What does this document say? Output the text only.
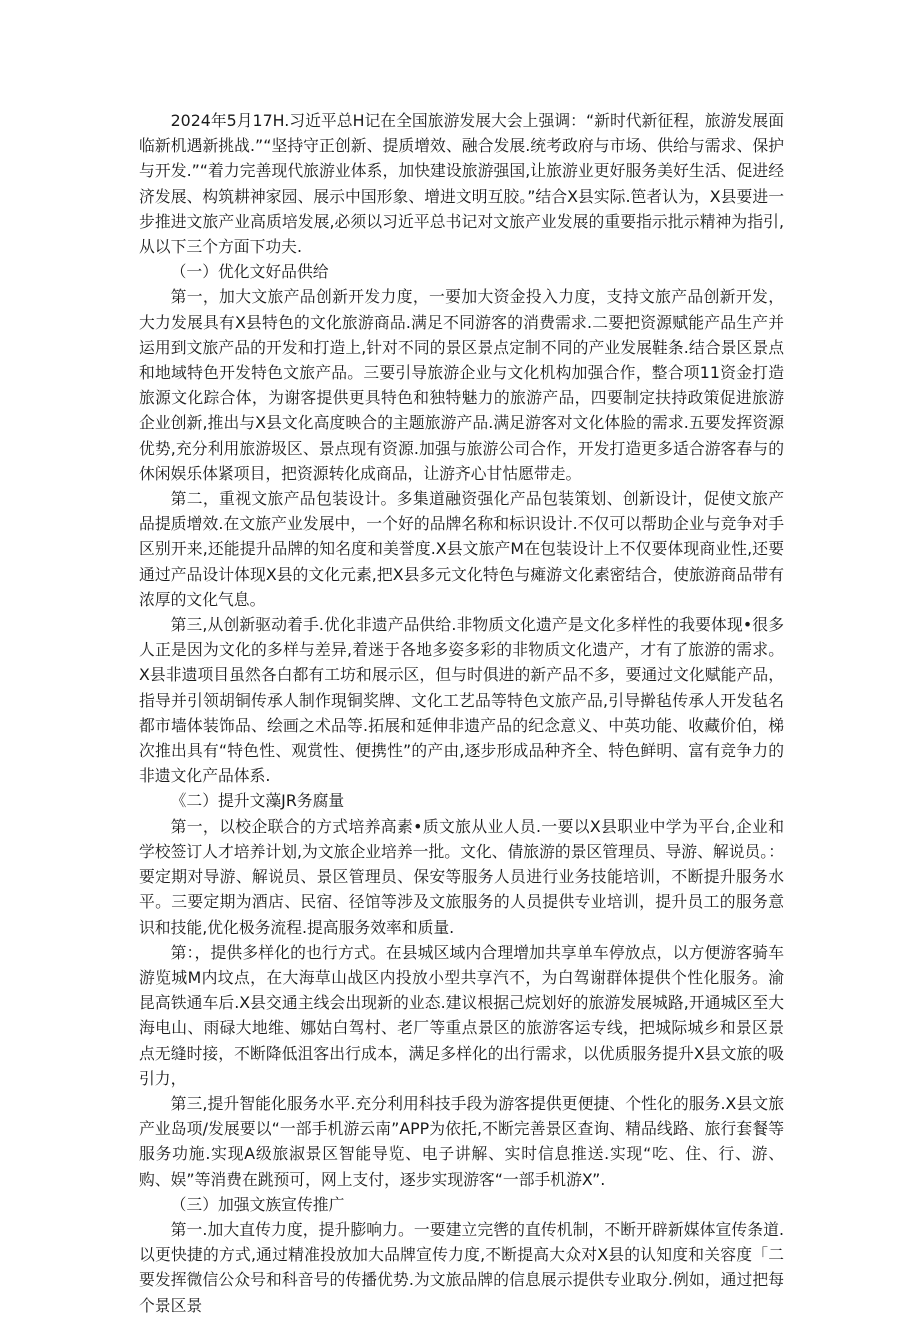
2024年5月17H.习近平总H记在全国旅游发展大会上强调：“新时代新征程，旅游发展面临新机遇新挑战.”“坚持守正创新、提质增效、融合发展.统考政府与市场、供给与需求、保护与开发.”“着力完善现代旅游业体系，加快建设旅游强国,让旅游业更好服务美好生活、促进经济发展、构筑耕神家园、展示中国形象、增进文明互胶。”结合X县实际.笆者认为，X县要进一步推进文旅产业高质培发展,必须以习近平总书记对文旅产业发展的重要指示批示精神为指引,从以下三个方面下功夫.

（一）优化文好品供给

第一，加大文旅产品创新开发力度，一要加大资金投入力度，支持文旅产品创新开发，大力发展具有X县特色的文化旅游商品.满足不同游客的消费需求.二要把资源赋能产品生产并运用到文旅产品的开发和打造上,针对不同的景区景点定制不同的产业发展鞋条.结合景区景点和地域特色开发特色文旅产品。三要引导旅游企业与文化机构加强合作，整合项11资金打造旅源文化踪合体，为谢客提供更具特色和独特魅力的旅游产品，四要制定扶持政策促进旅游企业创新,推出与X县文化高度映合的主题旅游产品.满足游客对文化体脸的需求.五要发挥资源优势,充分利用旅游圾区、景点现有资源.加强与旅游公司合作，开发打造更多适合游客春与的休闲娱乐体紧项目，把资源转化成商品，让游齐心甘怙愿带走。

第二，重视文旅产品包装设计。多集道融资强化产品包装策划、创新设计，促使文旅产品提质增效.在文旅产业发展中，一个好的品牌名称和标识设计.不仅可以帮助企业与竞争对手区别开来,还能提升品牌的知名度和美誉度.X县文旅产M在包装设计上不仅要体现商业性,还要通过产品设计体现X县的文化元素,把X县多元文化特色与瘫游文化素密结合，使旅游商品带有浓厚的文化气息。

第三,从创新驱动着手.优化非遗产品供给.非物质文化遗产是文化多样性的我要体现•很多人正是因为文化的多样与差异,着迷于各地多姿多彩的非物质文化遗产，才有了旅游的需求。X县非遗项目虽然各白都有工坊和展示区，但与时俱进的新产品不多，要通过文化赋能产品，指导并引领胡铜传承人制作現铜奖牌、文化工艺品等特色文旅产品,引导擀毡传承人开发毡名都市墙体装饰品、绘画之术品等.拓展和延伸非遗产品的纪念意义、中英功能、收藏价伯，梯次推出具有“特色性、观赏性、便携性”的产由,逐步形成品种齐全、特色鲜明、富有竞争力的非遗文化产品体系.

《二）提升文藻JR务腐量

第一，以校企联合的方式培养高素•质文旅从业人员.一要以X县职业中学为平台,企业和学校签订人才培养计划,为文旅企业培养一批。文化、倩旅游的景区管理员、导游、解说员。：要定期对导游、解说员、景区管理员、保安等服务人员进行业务技能培训，不断提升服务水平。三要定期为酒店、民宿、径馆等涉及文旅服务的人员提供专业培训，提升员工的服务意识和技能,优化极务流程.提高服务效率和质量.

第：，提供多样化的也行方式。在县城区域内合理增加共享单车停放点，以方便游客骑车游览城M内坟点，在大海草山战区内投放小型共享汽不，为白驾谢群体提供个性化服务。渝昆高铁通车后.X县交通主线会出现新的业态.建议根据己烷划好的旅游发展城路,开通城区至大海电山、雨碌大地维、娜姑白驾村、老厂等重点景区的旅游客运专线，把城际城乡和景区景点无缝时接，不断降低沮客出行成本，满足多样化的出行需求，以优质服务提升X县文旅的吸引力，

第三,提升智能化服务水平.充分利用科技手段为游客提供更便捷、个性化的服务.X县文旅产业岛项/发展要以“一部手机游云南”APP为依托,不断完善景区查询、精品线路、旅行套餐等服务功施.实现A级旅淑景区智能导览、电子讲解、实时信息推送.实现“吃、住、行、游、购、娱”等消费在跳预可，网上支付，逐步实现游客“一部手机游X”.

（三）加强文族宣传推广

第一.加大直传力度，提升膨响力。一要建立完辔的直传机制，不断开辟新媒体宣传条道.以更快捷的方式,通过精准投放加大品牌宣传力度,不断提高大众对X县的认知度和关容度「二要发挥微信公众号和科音号的传播优势.为文旅品牌的信息展示提供专业取分.例如，通过把每个景区景
